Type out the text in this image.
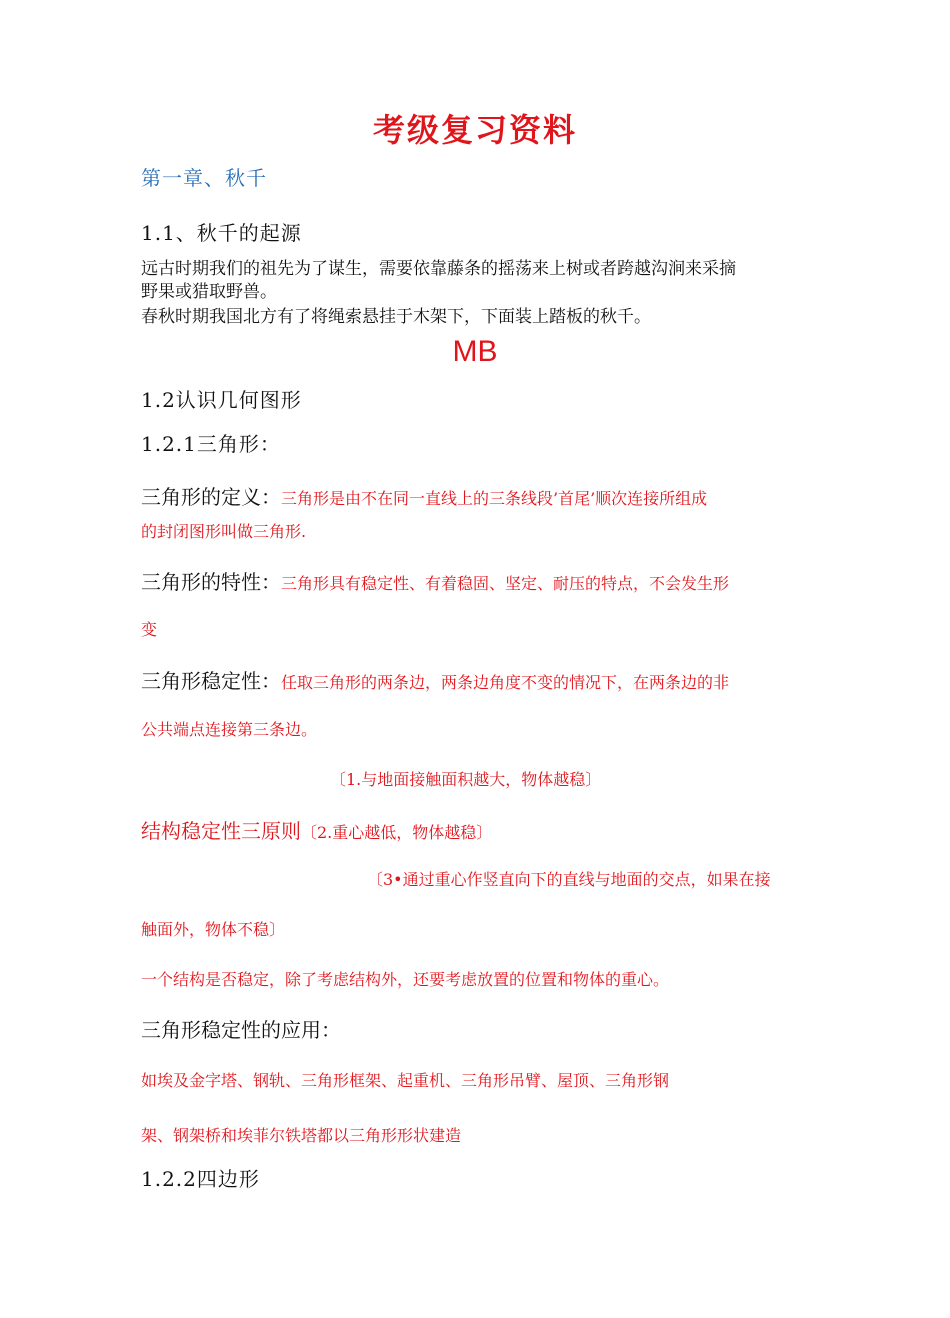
考级复习资料
第一章、秋千
1.1、秋千的起源
远古时期我们的祖先为了谋生，需要依靠藤条的摇荡来上树或者跨越沟涧来采摘
野果或猎取野兽。
春秋时期我国北方有了将绳索悬挂于木架下，下面装上踏板的秋千。
MB
1.2认识几何图形
1.2.1三角形：
三角形的定义：三角形是由不在同一直线上的三条线段’首尾’顺次连接所组成
的封闭图形叫做三角形.
三角形的特性：三角形具有稳定性、有着稳固、坚定、耐压的特点，不会发生形
变
三角形稳定性：任取三角形的两条边，两条边角度不变的情况下，在两条边的非
公共端点连接第三条边。
〔1.与地面接触面积越大，物体越稳〕
结构稳定性三原则〔2.重心越低，物体越稳〕
〔3•通过重心作竖直向下的直线与地面的交点，如果在接
触面外，物体不稳〕
一个结构是否稳定，除了考虑结构外，还要考虑放置的位置和物体的重心。
三角形稳定性的应用：
如埃及金字塔、钢轨、三角形框架、起重机、三角形吊臂、屋顶、三角形钢
架、钢架桥和埃菲尔铁塔都以三角形形状建造
1.2.2四边形
